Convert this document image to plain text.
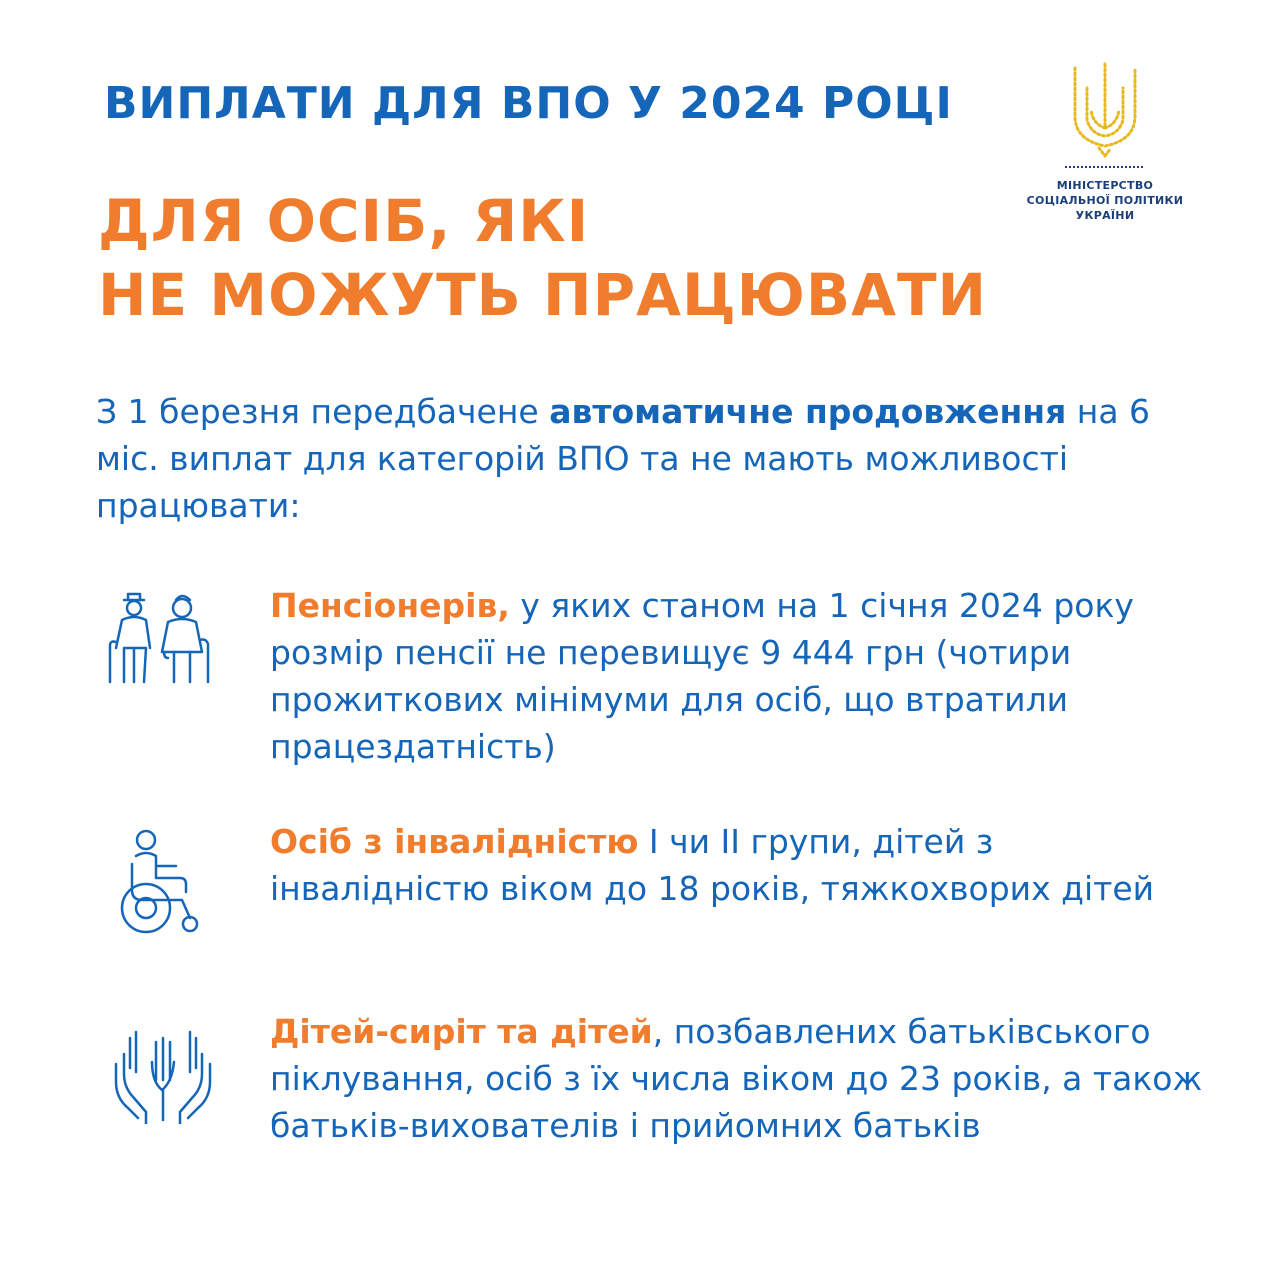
ВИПЛАТИ ДЛЯ ВПО У 2024 РОЦІ
ДЛЯ ОСІБ, ЯКІ
НЕ МОЖУТЬ ПРАЦЮВАТИ
МІНІСТЕРСТВО
СОЦІАЛЬНОЇ ПОЛІТИКИ
УКРАЇНИ
З 1 березня передбачене автоматичне продовження на 6 міс. виплат для категорій ВПО та не мають можливості працювати:
Пенсіонерів, у яких станом на 1 січня 2024 року розмір пенсії не перевищує 9 444 грн (чотири прожиткових мінімуми для осіб, що втратили працездатність)
Осіб з інвалідністю І чи ІІ групи, дітей з інвалідністю віком до 18 років, тяжкохворих дітей
Дітей-сиріт та дітей, позбавлених батьківського піклування, осіб з їх числа віком до 23 років, а також батьків-вихователів і прийомних батьків
